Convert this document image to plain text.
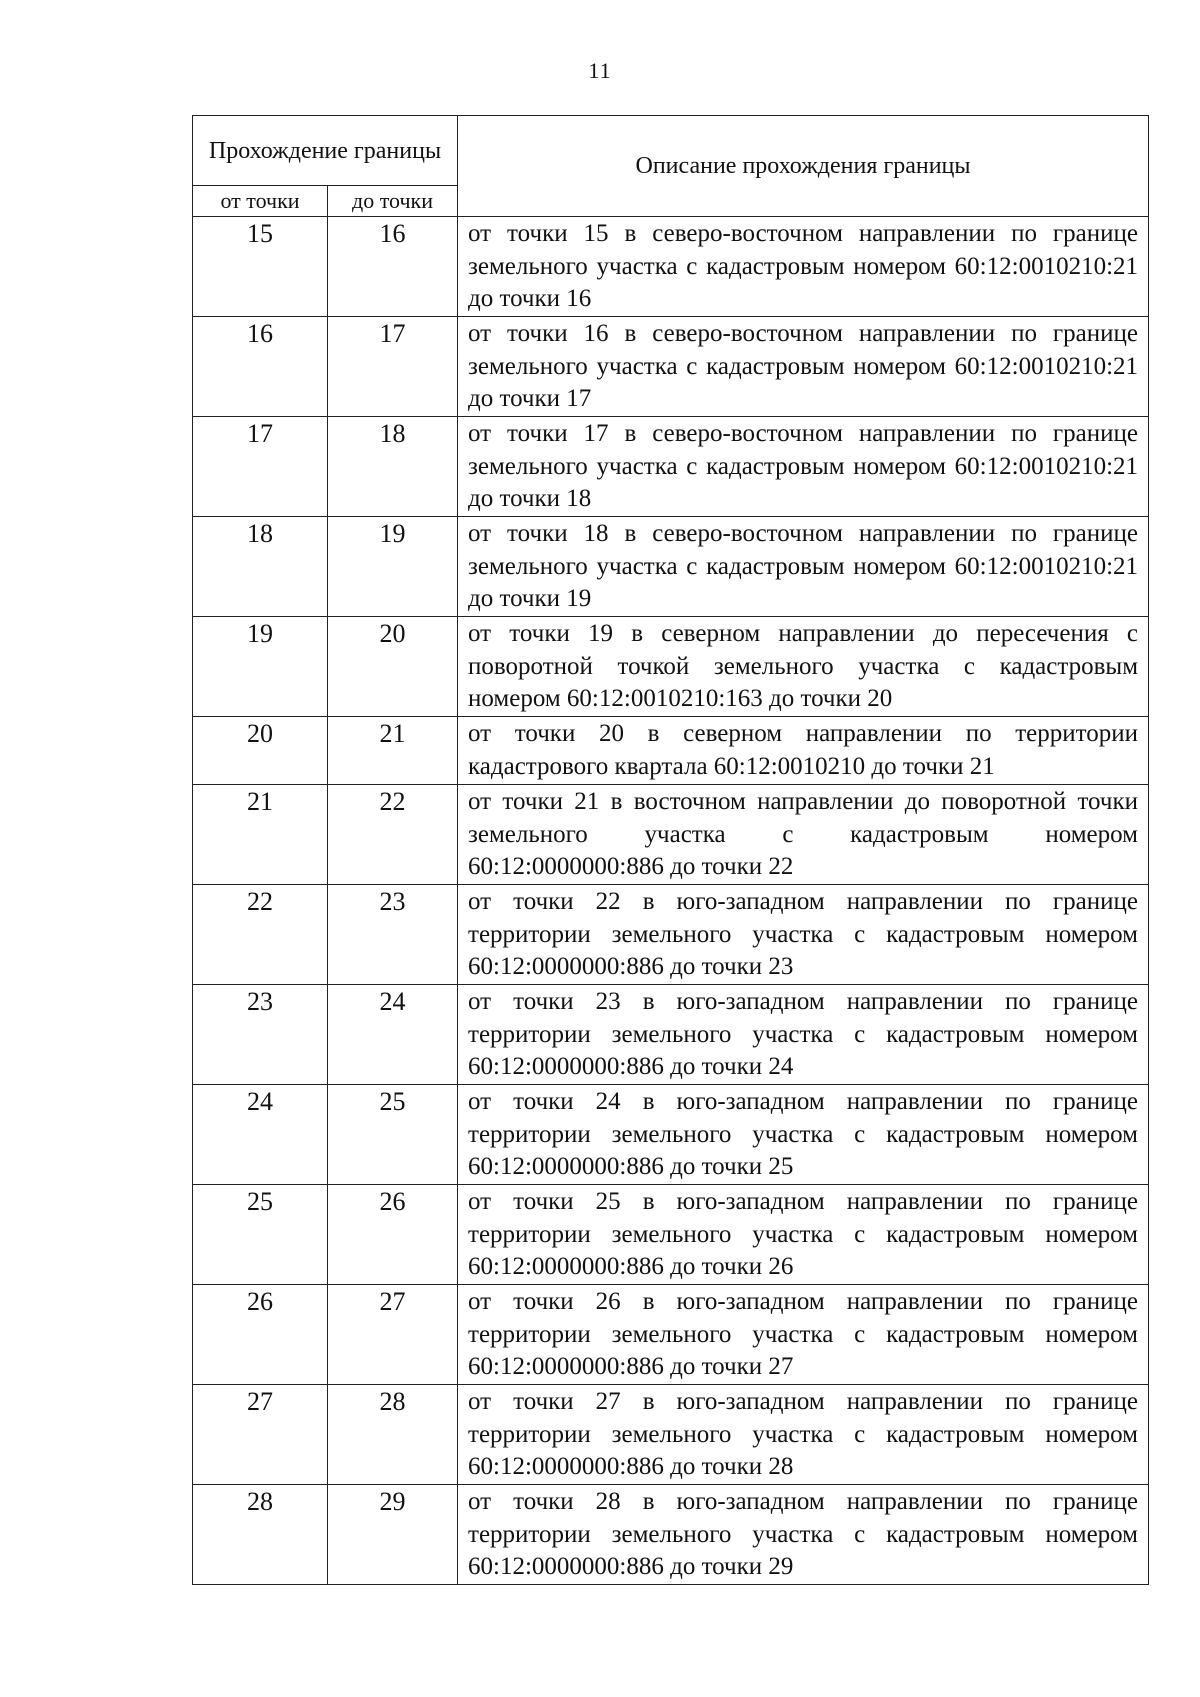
11
Прохождение границы		Описание прохождения границы
от точки	до точки	
15	16	от точки 15 в северо-восточном направлении по границе земельного участка с кадастровым номером 60:12:0010210:21 до точки 16
16	17	от точки 16 в северо-восточном направлении по границе земельного участка с кадастровым номером 60:12:0010210:21 до точки 17
17	18	от точки 17 в северо-восточном направлении по границе земельного участка с кадастровым номером 60:12:0010210:21 до точки 18
18	19	от точки 18 в северо-восточном направлении по границе земельного участка с кадастровым номером 60:12:0010210:21 до точки 19
19	20	от точки 19 в северном направлении до пересечения с поворотной точкой земельного участка с кадастровым номером 60:12:0010210:163 до точки 20
20	21	от точки 20 в северном направлении по территории кадастрового квартала 60:12:0010210 до точки 21
21	22	от точки 21 в восточном направлении до поворотной точки земельного участка с кадастровым номером 60:12:0000000:886 до точки 22
22	23	от точки 22 в юго-западном направлении по границе территории земельного участка с кадастровым номером 60:12:0000000:886 до точки 23
23	24	от точки 23 в юго-западном направлении по границе территории земельного участка с кадастровым номером 60:12:0000000:886 до точки 24
24	25	от точки 24 в юго-западном направлении по границе территории земельного участка с кадастровым номером 60:12:0000000:886 до точки 25
25	26	от точки 25 в юго-западном направлении по границе территории земельного участка с кадастровым номером 60:12:0000000:886 до точки 26
26	27	от точки 26 в юго-западном направлении по границе территории земельного участка с кадастровым номером 60:12:0000000:886 до точки 27
27	28	от точки 27 в юго-западном направлении по границе территории земельного участка с кадастровым номером 60:12:0000000:886 до точки 28
28	29	от точки 28 в юго-западном направлении по границе территории земельного участка с кадастровым номером 60:12:0000000:886 до точки 29
